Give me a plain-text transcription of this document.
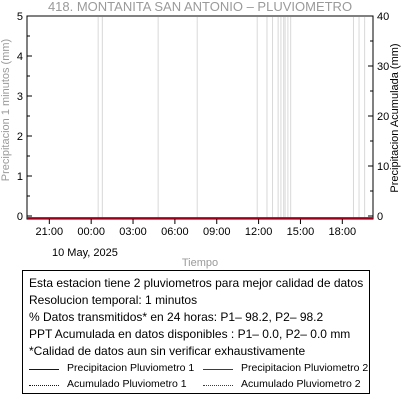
21:00 00:00 03:00 06:00 09:00 12:00 15:00 18:00
0
1
2
3
4
5
0
10
20
30
40
418. MONTANITA SAN ANTONIO – PLUVIOMETRO
Precipitacion 1 minutos (mm)	Precipitacion Acumulada (mm)
10 May, 2025
Tiempo
Esta estacion tiene 2 pluviometros para mejor calidad de datos
Resolucion temporal: 1 minutos
% Datos transmitidos* en 24 horas: P1– 98.2, P2– 98.2
PPT Acumulada en datos disponibles : P1– 0.0, P2– 0.0 mm
*Calidad de datos aun sin verificar exhaustivamente
Precipitacion Pluviometro 1	Precipitacion Pluviometro 2
Acumulado Pluviometro 1	Acumulado Pluviometro 2
